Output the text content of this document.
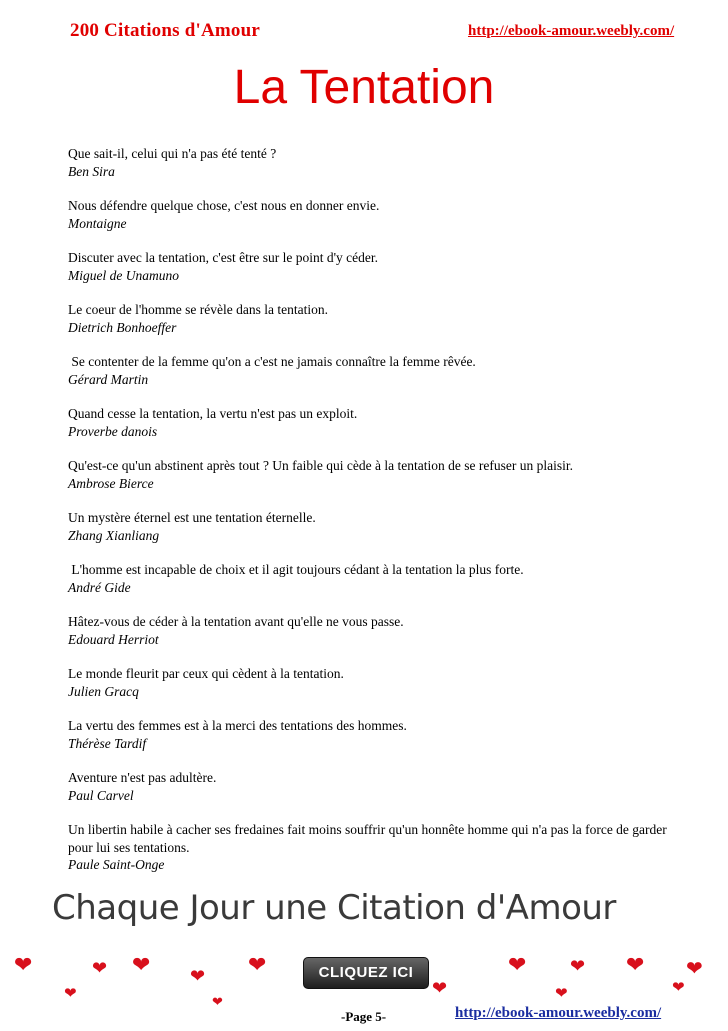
200 Citations d'Amour	http://ebook-amour.weebly.com/
La Tentation
Que sait-il, celui qui n'a pas été tenté ?
Ben Sira
Nous défendre quelque chose, c'est nous en donner envie.
Montaigne
Discuter avec la tentation, c'est être sur le point d'y céder.
Miguel de Unamuno
Le coeur de l'homme se révèle dans la tentation.
Dietrich Bonhoeffer
Se contenter de la femme qu'on a c'est ne jamais connaître la femme rêvée.
Gérard Martin
Quand cesse la tentation, la vertu n'est pas un exploit.
Proverbe danois
Qu'est-ce qu'un abstinent après tout ? Un faible qui cède à la tentation de se refuser un plaisir.
Ambrose Bierce
Un mystère éternel est une tentation éternelle.
Zhang Xianliang
L'homme est incapable de choix et il agit toujours cédant à la tentation la plus forte.
André Gide
Hâtez-vous de céder à la tentation avant qu'elle ne vous passe.
Edouard Herriot
Le monde fleurit par ceux qui cèdent à la tentation.
Julien Gracq
La vertu des femmes est à la merci des tentations des hommes.
Thérèse Tardif
Aventure n'est pas adultère.
Paul Carvel
Un libertin habile à cacher ses fredaines fait moins souffrir qu'un honnête homme qui n'a pas la force de garder pour lui ses tentations.
Paule Saint-Onge
Chaque Jour une Citation d'Amour
❤
❤
❤ ❤ ❤
❤
❤
❤
❤
❤
❤ ❤
❤
❤
CLIQUEZ ICI
-Page 5-	http://ebook-amour.weebly.com/
